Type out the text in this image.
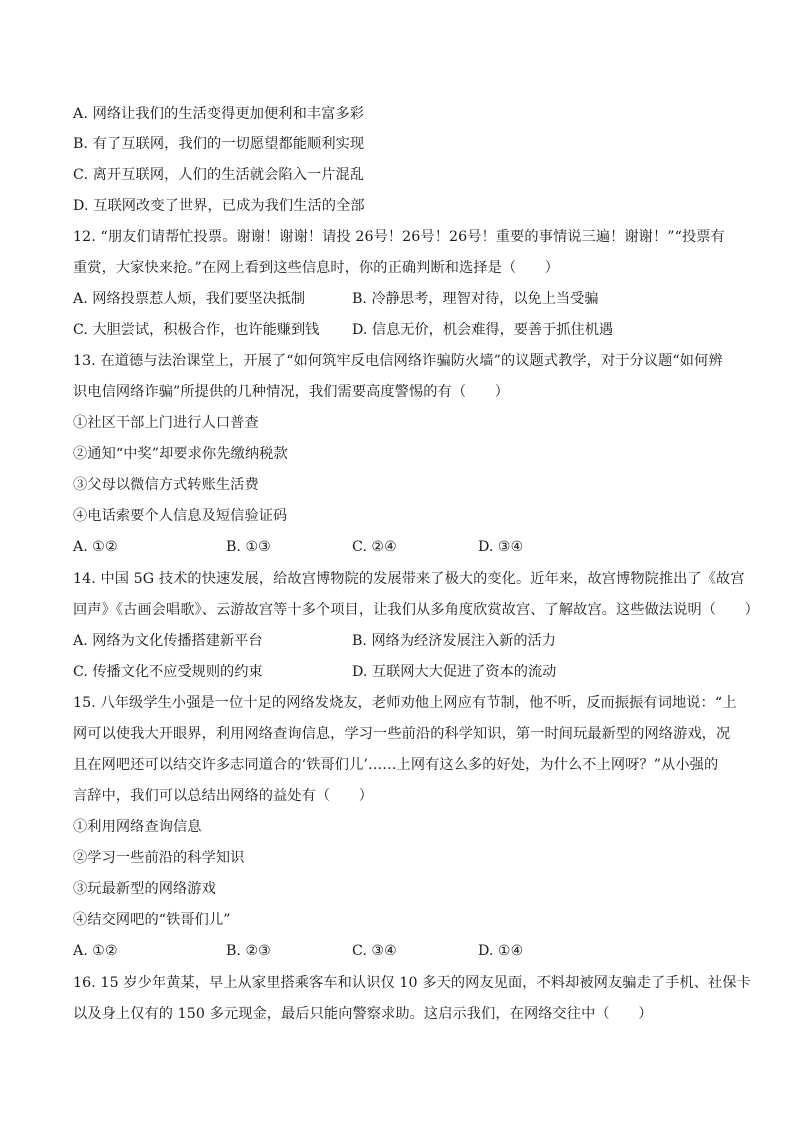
A. 网络让我们的生活变得更加便利和丰富多彩
B. 有了互联网，我们的一切愿望都能顺利实现
C. 离开互联网，人们的生活就会陷入一片混乱
D. 互联网改变了世界，已成为我们生活的全部
12. “朋友们请帮忙投票。谢谢！谢谢！请投 26号！26号！26号！重要的事情说三遍！谢谢！”“投票有
重赏，大家快来抢。”在网上看到这些信息时，你的正确判断和选择是（　　）
A. 网络投票惹人烦，我们要坚决抵制	B. 冷静思考，理智对待，以免上当受骗
C. 大胆尝试，积极合作，也许能赚到钱 D. 信息无价，机会难得，要善于抓住机遇
13. 在道德与法治课堂上，开展了“如何筑牢反电信网络诈骗防火墙”的议题式教学，对于分议题“如何辨
识电信网络诈骗”所提供的几种情况，我们需要高度警惕的有（　　）
①社区干部上门进行人口普查
②通知“中奖”却要求你先缴纳税款
③父母以微信方式转账生活费
④电话索要个人信息及短信验证码
A. ①②	B. ①③	C. ②④	D. ③④
14. 中国 5G 技术的快速发展，给故宫博物院的发展带来了极大的变化。近年来，故宫博物院推出了《故宫
回声》《古画会唱歌》、云游故宫等十多个项目，让我们从多角度欣赏故宫、了解故宫。这些做法说明（　　）
A. 网络为文化传播搭建新平台	B. 网络为经济发展注入新的活力
C. 传播文化不应受规则的约束	D. 互联网大大促进了资本的流动
15. 八年级学生小强是一位十足的网络发烧友，老师劝他上网应有节制，他不听，反而振振有词地说：“上
网可以使我大开眼界，利用网络查询信息，学习一些前沿的科学知识，第一时间玩最新型的网络游戏，况
且在网吧还可以结交许多志同道合的‘铁哥们儿’……上网有这么多的好处，为什么不上网呀？”从小强的
言辞中，我们可以总结出网络的益处有（　　）
①利用网络查询信息
②学习一些前沿的科学知识
③玩最新型的网络游戏
④结交网吧的“铁哥们儿”
A. ①②	B. ②③	C. ③④	D. ①④
16. 15 岁少年黄某，早上从家里搭乘客车和认识仅 10 多天的网友见面，不料却被网友骗走了手机、社保卡
以及身上仅有的 150 多元现金，最后只能向警察求助。这启示我们，在网络交往中（　　）
